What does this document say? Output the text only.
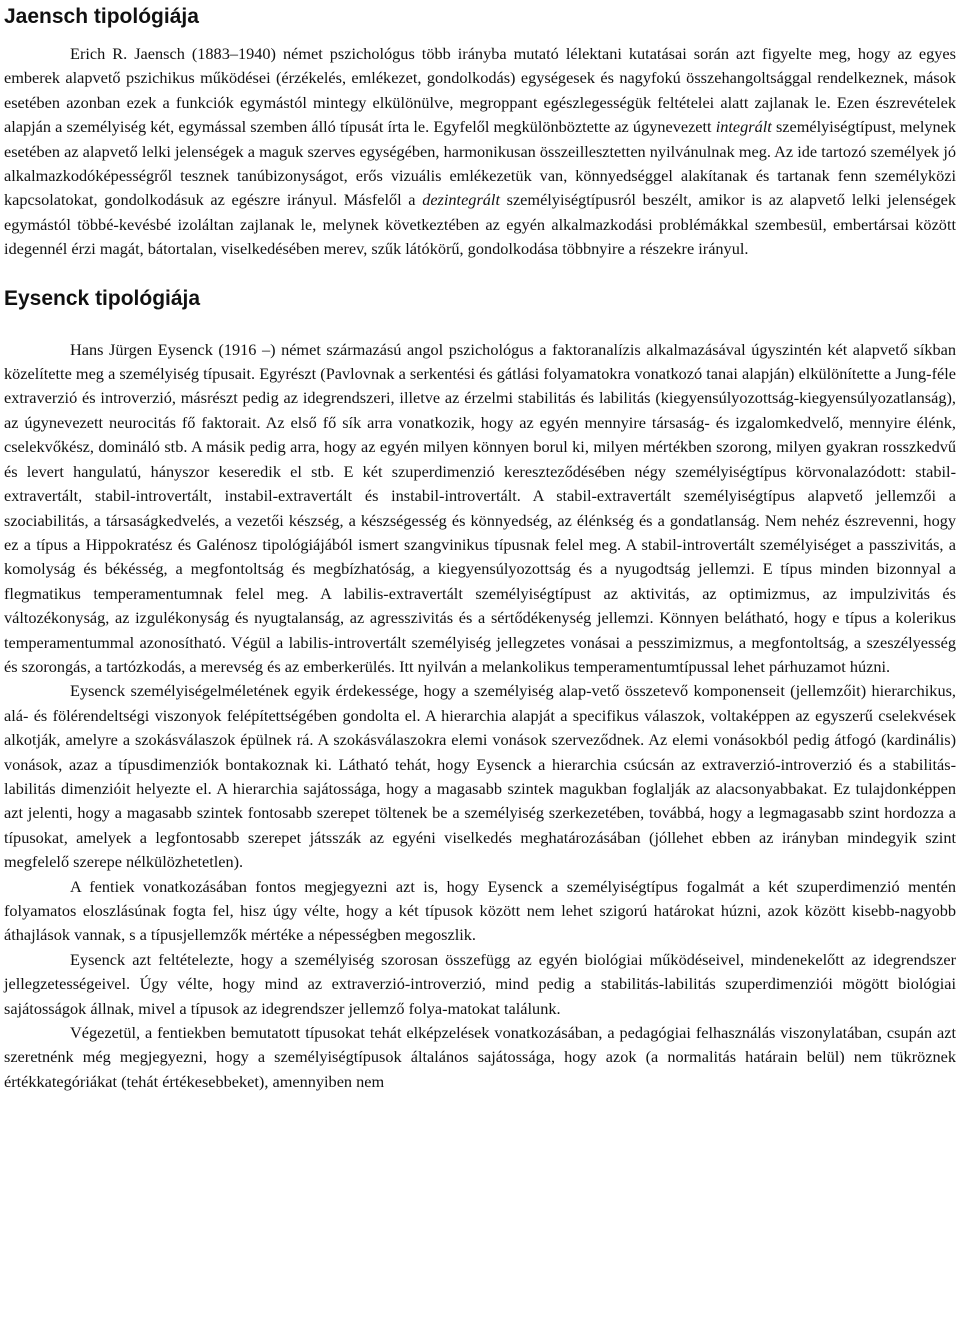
Jaensch tipológiája

Erich R. Jaensch (1883–1940) német pszichológus több irányba mutató lélektani kutatásai során azt figyelte meg, hogy az egyes emberek alapvető pszichikus működései (érzékelés, emlékezet, gondolkodás) egységesek és nagyfokú összehangoltsággal rendelkeznek, mások esetében azonban ezek a funkciók egymástól mintegy elkülönülve, megroppant egészlegességük feltételei alatt zajlanak le. Ezen észrevételek alapján a személyiség két, egymással szemben álló típusát írta le. Egyfelől megkülönböztette az úgynevezett integrált személyiségtípust, melynek esetében az alapvető lelki jelenségek a maguk szerves egységében, harmonikusan összeillesztetten nyilvánulnak meg. Az ide tartozó személyek jó alkalmazkodóképességről tesznek tanúbizonyságot, erős vizuális emlékezetük van, könnyedséggel alakítanak és tartanak fenn személyközi kapcsolatokat, gondolkodásuk az egészre irányul. Másfelől a dezintegrált személyiségtípusról beszélt, amikor is az alapvető lelki jelenségek egymástól többé-kevésbé izoláltan zajlanak le, melynek következtében az egyén alkalmazkodási problémákkal szembesül, embertársai között idegennél érzi magát, bátortalan, viselkedésében merev, szűk látókörű, gondolkodása többnyire a részekre irányul.

Eysenck tipológiája

Hans Jürgen Eysenck (1916 –) német származású angol pszichológus a faktoranalízis alkalmazásával úgyszintén két alapvető síkban közelítette meg a személyiség típusait. Egyrészt (Pavlovnak a serkentési és gátlási folyamatokra vonatkozó tanai alapján) elkülönítette a Jung-féle extraverzió és introverzió, másrészt pedig az idegrendszeri, illetve az érzelmi stabilitás és labilitás (kiegyensúlyozottság-kiegyensúlyozatlanság), az úgynevezett neurocitás fő faktorait. Az első fő sík arra vonatkozik, hogy az egyén mennyire társaság- és izgalomkedvelő, mennyire élénk, cselekvőkész, domináló stb. A másik pedig arra, hogy az egyén milyen könnyen borul ki, milyen mértékben szorong, milyen gyakran rosszkedvű és levert hangulatú, hányszor keseredik el stb. E két szuperdimenzió kereszteződésében négy személyiségtípus körvonalazódott: stabil-extravertált, stabil-introvertált, instabil-extravertált és instabil-introvertált. A stabil-extravertált személyiségtípus alapvető jellemzői a szociabilitás, a társaságkedvelés, a vezetői készség, a készségesség és könnyedség, az élénkség és a gondatlanság. Nem nehéz észrevenni, hogy ez a típus a Hippokratész és Galénosz tipológiájából ismert szangvinikus típusnak felel meg. A stabil-introvertált személyiséget a passzivitás, a komolyság és békésség, a megfontoltság és megbízhatóság, a kiegyensúlyozottság és a nyugodtság jellemzi. E típus minden bizonnyal a flegmatikus temperamentumnak felel meg. A labilis-extravertált személyiségtípust az aktivitás, az optimizmus, az impulzivitás és változékonyság, az izgulékonyság és nyugtalanság, az agresszivitás és a sértődékenység jellemzi. Könnyen belátható, hogy e típus a kolerikus temperamentummal azonosítható. Végül a labilis-introvertált személyiség jellegzetes vonásai a pesszimizmus, a megfontoltság, a szeszélyesség és szorongás, a tartózkodás, a merevség és az emberkerülés. Itt nyilván a melankolikus temperamentumtípussal lehet párhuzamot húzni.

Eysenck személyiségelméletének egyik érdekessége, hogy a személyiség alap-vető összetevő komponenseit (jellemzőit) hierarchikus, alá- és fölérendeltségi viszonyok felépítettségében gondolta el. A hierarchia alapját a specifikus válaszok, voltaképpen az egyszerű cselekvések alkotják, amelyre a szokásválaszok épülnek rá. A szokásválaszokra elemi vonások szerveződnek. Az elemi vonásokból pedig átfogó (kardinális) vonások, azaz a típusdimenziók bontakoznak ki. Látható tehát, hogy Eysenck a hierarchia csúcsán az extraverzió-introverzió és a stabilitás-labilitás dimenzióit helyezte el. A hierarchia sajátossága, hogy a magasabb szintek magukban foglalják az alacsonyabbakat. Ez tulajdonképpen azt jelenti, hogy a magasabb szintek fontosabb szerepet töltenek be a személyiség szerkezetében, továbbá, hogy a legmagasabb szint hordozza a típusokat, amelyek a legfontosabb szerepet játsszák az egyéni viselkedés meghatározásában (jóllehet ebben az irányban mindegyik szint megfelelő szerepe nélkülözhetetlen).

A fentiek vonatkozásában fontos megjegyezni azt is, hogy Eysenck a személyiségtípus fogalmát a két szuperdimenzió mentén folyamatos eloszlásúnak fogta fel, hisz úgy vélte, hogy a két típusok között nem lehet szigorú határokat húzni, azok között kisebb-nagyobb áthajlások vannak, s a típusjellemzők mértéke a népességben megoszlik.

Eysenck azt feltételezte, hogy a személyiség szorosan összefügg az egyén biológiai működéseivel, mindenekelőtt az idegrendszer jellegzetességeivel. Úgy vélte, hogy mind az extraverzió-introverzió, mind pedig a stabilitás-labilitás szuperdimenziói mögött biológiai sajátosságok állnak, mivel a típusok az idegrendszer jellemző folya-matokat találunk.

Végezetül, a fentiekben bemutatott típusokat tehát elképzelések vonatkozásában, a pedagógiai felhasználás viszonylatában, csupán azt szeretnénk még megjegyezni, hogy a személyiségtípusok általános sajátossága, hogy azok (a normalitás határain belül) nem tükröznek értékkategóriákat (tehát értékesebbeket), amennyiben nem
